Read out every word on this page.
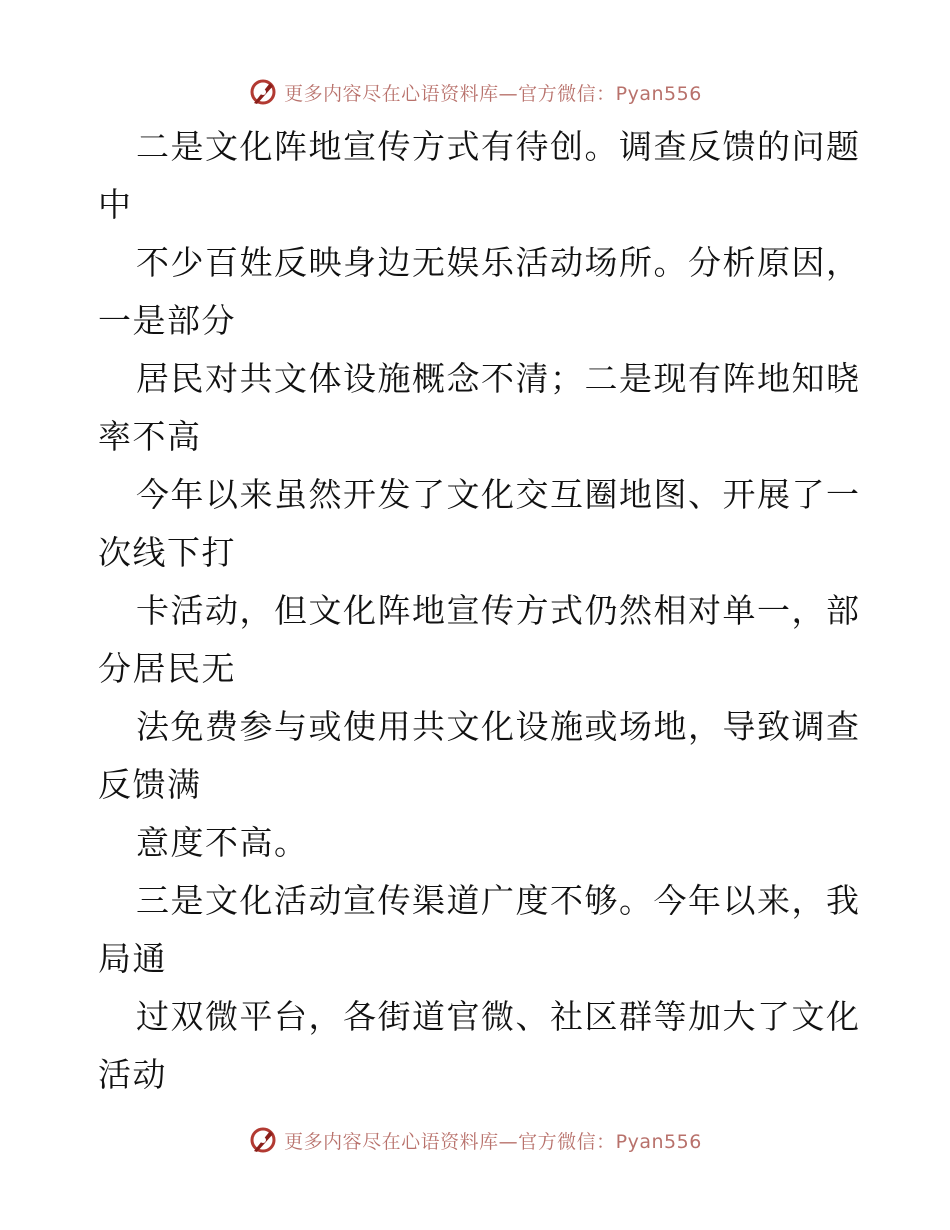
更多内容尽在心语资料库—官方微信：Pyan556
二是文化阵地宣传方式有待创。调查反馈的问题
中
不少百姓反映身边无娱乐活动场所。分析原因，
一是部分
居民对共文体设施概念不清；二是现有阵地知晓
率不高
今年以来虽然开发了文化交互圈地图、开展了一
次线下打
卡活动，但文化阵地宣传方式仍然相对单一，部
分居民无
法免费参与或使用共文化设施或场地，导致调查
反馈满
意度不高。
三是文化活动宣传渠道广度不够。今年以来，我
局通
过双微平台，各街道官微、社区群等加大了文化
活动
更多内容尽在心语资料库—官方微信：Pyan556
